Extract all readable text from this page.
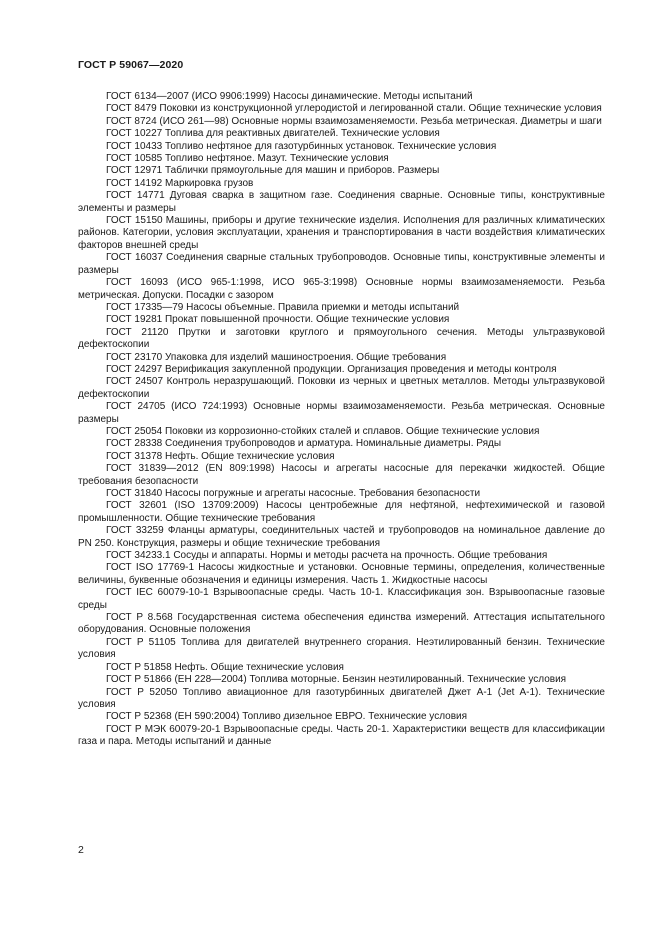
ГОСТ Р 59067—2020

ГОСТ 6134—2007 (ИСО 9906:1999) Насосы динамические. Методы испытаний

ГОСТ 8479 Поковки из конструкционной углеродистой и легированной стали. Общие технические условия

ГОСТ 8724 (ИСО 261—98) Основные нормы взаимозаменяемости. Резьба метрическая. Диаметры и шаги

ГОСТ 10227 Топлива для реактивных двигателей. Технические условия

ГОСТ 10433 Топливо нефтяное для газотурбинных установок. Технические условия

ГОСТ 10585 Топливо нефтяное. Мазут. Технические условия

ГОСТ 12971 Таблички прямоугольные для машин и приборов. Размеры

ГОСТ 14192 Маркировка грузов

ГОСТ 14771 Дуговая сварка в защитном газе. Соединения сварные. Основные типы, конструктивные элементы и размеры

ГОСТ 15150 Машины, приборы и другие технические изделия. Исполнения для различных климатических районов. Категории, условия эксплуатации, хранения и транспортирования в части воздействия климатических факторов внешней среды

ГОСТ 16037 Соединения сварные стальных трубопроводов. Основные типы, конструктивные элементы и размеры

ГОСТ 16093 (ИСО 965-1:1998, ИСО 965-3:1998) Основные нормы взаимозаменяемости. Резьба метрическая. Допуски. Посадки с зазором

ГОСТ 17335—79 Насосы объемные. Правила приемки и методы испытаний

ГОСТ 19281 Прокат повышенной прочности. Общие технические условия

ГОСТ 21120 Прутки и заготовки круглого и прямоугольного сечения. Методы ультразвуковой дефектоскопии

ГОСТ 23170 Упаковка для изделий машиностроения. Общие требования

ГОСТ 24297 Верификация закупленной продукции. Организация проведения и методы контроля

ГОСТ 24507 Контроль неразрушающий. Поковки из черных и цветных металлов. Методы ультразвуковой дефектоскопии

ГОСТ 24705 (ИСО 724:1993) Основные нормы взаимозаменяемости. Резьба метрическая. Основные размеры

ГОСТ 25054 Поковки из коррозионно-стойких сталей и сплавов. Общие технические условия

ГОСТ 28338 Соединения трубопроводов и арматура. Номинальные диаметры. Ряды

ГОСТ 31378 Нефть. Общие технические условия

ГОСТ 31839—2012 (EN 809:1998) Насосы и агрегаты насосные для перекачки жидкостей. Общие требования безопасности

ГОСТ 31840 Насосы погружные и агрегаты насосные. Требования безопасности

ГОСТ 32601 (ISO 13709:2009) Насосы центробежные для нефтяной, нефтехимической и газовой промышленности. Общие технические требования

ГОСТ 33259 Фланцы арматуры, соединительных частей и трубопроводов на номинальное давление до PN 250. Конструкция, размеры и общие технические требования

ГОСТ 34233.1 Сосуды и аппараты. Нормы и методы расчета на прочность. Общие требования

ГОСТ ISO 17769-1 Насосы жидкостные и установки. Основные термины, определения, количественные величины, буквенные обозначения и единицы измерения. Часть 1. Жидкостные насосы

ГОСТ IEC 60079-10-1 Взрывоопасные среды. Часть 10-1. Классификация зон. Взрывоопасные газовые среды

ГОСТ Р 8.568 Государственная система обеспечения единства измерений. Аттестация испытательного оборудования. Основные положения

ГОСТ Р 51105 Топлива для двигателей внутреннего сгорания. Неэтилированный бензин. Технические условия

ГОСТ Р 51858 Нефть. Общие технические условия

ГОСТ Р 51866 (ЕН 228—2004) Топлива моторные. Бензин неэтилированный. Технические условия

ГОСТ Р 52050 Топливо авиационное для газотурбинных двигателей Джет А-1 (Jet A-1). Технические условия

ГОСТ Р 52368 (ЕН 590:2004) Топливо дизельное ЕВРО. Технические условия

ГОСТ Р МЭК 60079-20-1 Взрывоопасные среды. Часть 20-1. Характеристики веществ для классификации газа и пара. Методы испытаний и данные

2
